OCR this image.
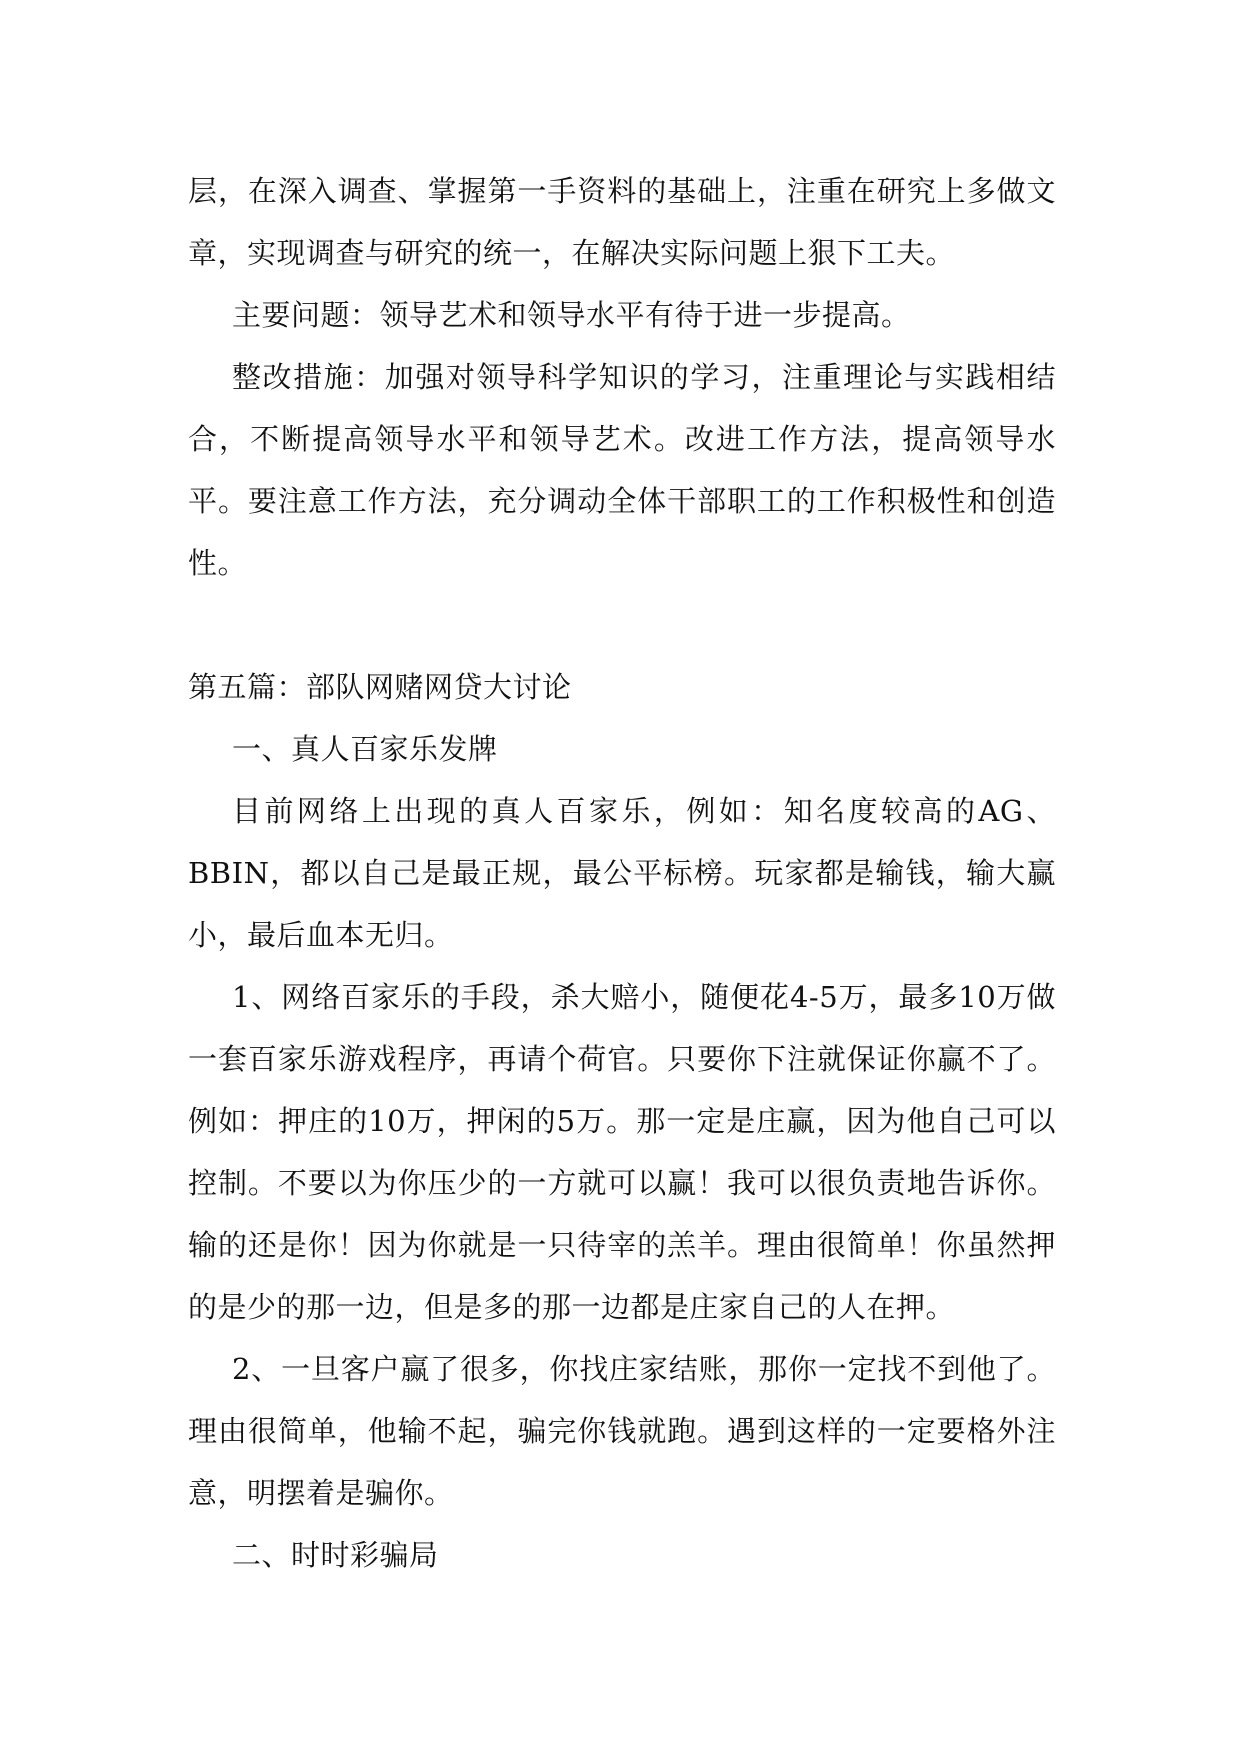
层，在深入调查、掌握第一手资料的基础上，注重在研究上多做文章，实现调查与研究的统一，在解决实际问题上狠下工夫。

主要问题：领导艺术和领导水平有待于进一步提高。

整改措施：加强对领导科学知识的学习，注重理论与实践相结合，不断提高领导水平和领导艺术。改进工作方法，提高领导水平。要注意工作方法，充分调动全体干部职工的工作积极性和创造性。

第五篇：部队网赌网贷大讨论

一、真人百家乐发牌

目前网络上出现的真人百家乐，例如：知名度较高的AG、BBIN，都以自己是最正规，最公平标榜。玩家都是输钱，输大赢小，最后血本无归。

1、网络百家乐的手段，杀大赔小，随便花4-5万，最多10万做一套百家乐游戏程序，再请个荷官。只要你下注就保证你赢不了。例如：押庄的10万，押闲的5万。那一定是庄赢，因为他自己可以控制。不要以为你压少的一方就可以赢！我可以很负责地告诉你。输的还是你！因为你就是一只待宰的羔羊。理由很简单！你虽然押的是少的那一边，但是多的那一边都是庄家自己的人在押。

2、一旦客户赢了很多，你找庄家结账，那你一定找不到他了。理由很简单，他输不起，骗完你钱就跑。遇到这样的一定要格外注意，明摆着是骗你。

二、时时彩骗局
